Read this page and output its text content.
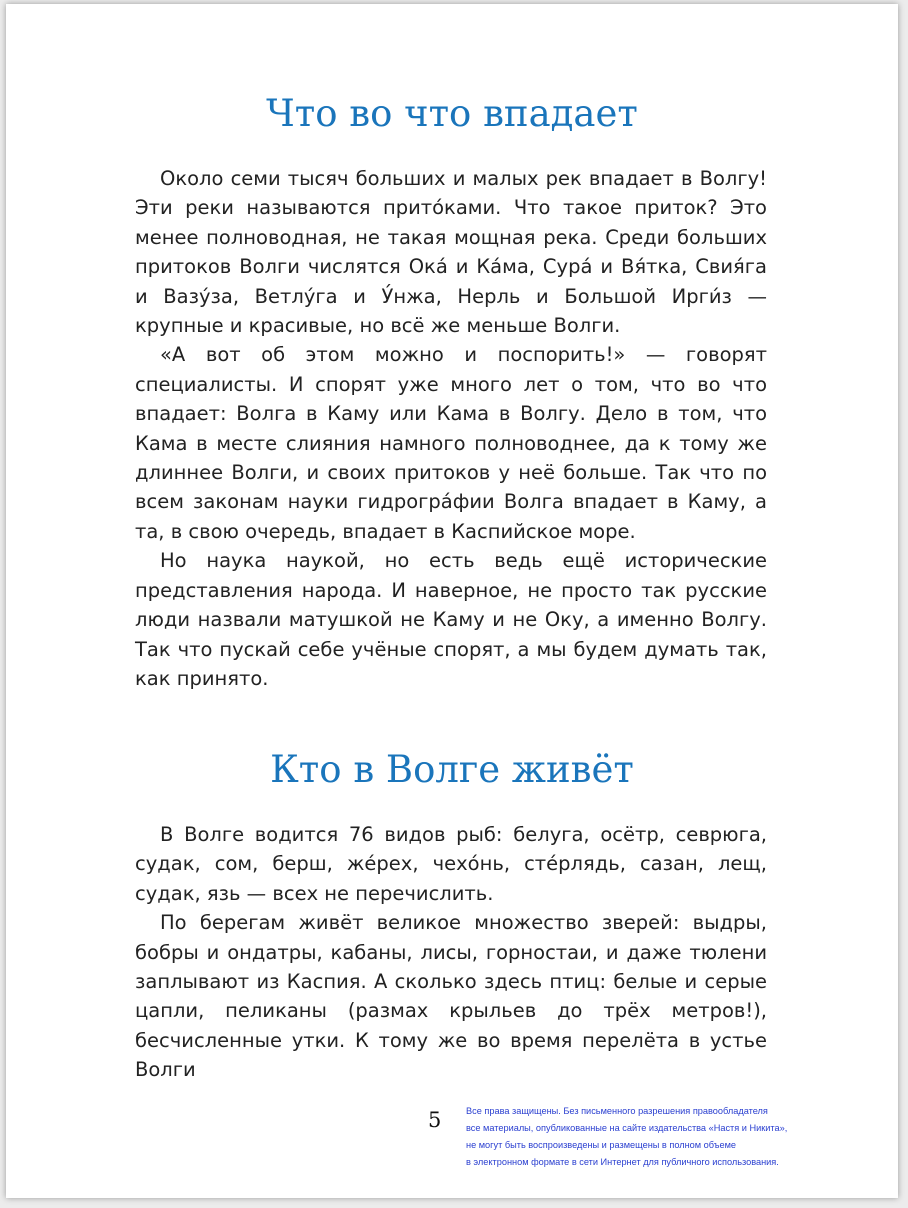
Что во что впадает

Около семи тысяч больших и малых рек впадает в Волгу! Эти реки называются прито́ками. Что такое приток? Это менее полноводная, не такая мощная река. Среди больших притоков Волги числятся Ока́ и Ка́ма, Сура́ и Вя́тка, Свия́га и Вазу́за, Ветлу́га и У́нжа, Нерль и Большой Ирги́з — крупные и красивые, но всё же меньше Волги.

«А вот об этом можно и поспорить!» — говорят специалисты. И спорят уже много лет о том, что во что впадает: Волга в Каму или Кама в Волгу. Дело в том, что Кама в месте слияния намного полноводнее, да к тому же длиннее Волги, и своих притоков у неё больше. Так что по всем законам науки гидрогра́фии Волга впадает в Каму, а та, в свою очередь, впадает в Каспийское море.

Но наука наукой, но есть ведь ещё исторические представления народа. И наверное, не просто так русские люди назвали матушкой не Каму и не Оку, а именно Волгу. Так что пускай себе учёные спорят, а мы будем думать так, как принято.

Кто в Волге живёт

В Волге водится 76 видов рыб: белуга, осётр, севрюга, судак, сом, берш, же́рех, чехо́нь, сте́рлядь, сазан, лещ, судак, язь — всех не перечислить.

По берегам живёт великое множество зверей: выдры, бобры и ондатры, кабаны, лисы, горностаи, и даже тюлени заплывают из Каспия. А сколько здесь птиц: белые и серые цапли, пеликаны (размах крыльев до трёх метров!), бесчисленные утки. К тому же во время перелёта в устье Волги

5	Все права защищены. Без письменного разрешения правообладателя
все материалы, опубликованные на сайте издательства «Настя и Никита»,
не могут быть воспроизведены и размещены в полном объеме
в электронном формате в сети Интернет для публичного использования.
